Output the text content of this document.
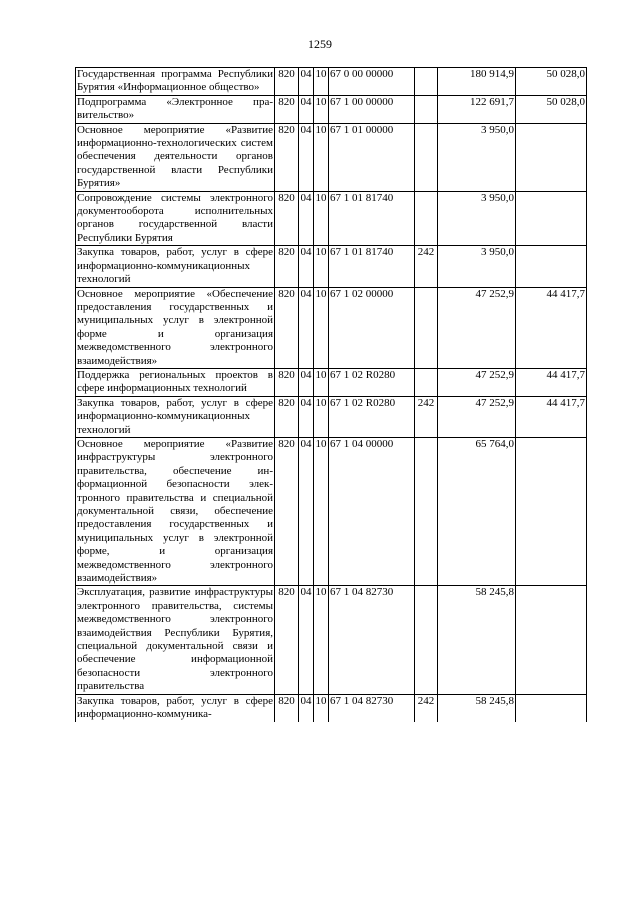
1259
Государственная программа Республики Бурятия «Информационное общество»	820	04	10	67 0 00 00000		180 914,9	50 028,0
Подпрограмма «Электронное правительство»	820	04	10	67 1 00 00000		122 691,7	50 028,0
Основное мероприятие «Развитие информационно-технологических систем обеспечения деятельности органов государственной власти Республики Бурятия»	820	04	10	67 1 01 00000		3 950,0	
Сопровождение системы электронного документооборота исполнительных органов государственной власти Республики Бурятия	820	04	10	67 1 01 81740		3 950,0	
Закупка товаров, работ, услуг в сфере информационно-коммуникационных технологий	820	04	10	67 1 01 81740	242	3 950,0	
Основное мероприятие «Обеспечение предоставления государственных и муниципальных услуг в электронной форме и организация межведомственного электронного взаимодействия»	820	04	10	67 1 02 00000		47 252,9	44 417,7
Поддержка региональных проектов в сфере информационных технологий	820	04	10	67 1 02 R0280		47 252,9	44 417,7
Закупка товаров, работ, услуг в сфере информационно-коммуникационных технологий	820	04	10	67 1 02 R0280	242	47 252,9	44 417,7
Основное мероприятие «Развитие инфраструктуры электронного правительства, обеспечение информационной безопасности электронного правительства и специальной документальной связи, обеспечение предоставления государственных и муниципальных услуг в электронной форме, и организация межведомственного электронного взаимодействия»	820	04	10	67 1 04 00000		65 764,0	
Эксплуатация, развитие инфраструктуры электронного правительства, системы межведомственного электронного взаимодействия Республики Бурятия, специальной документальной связи и обеспечение информационной безопасности электронного правительства	820	04	10	67 1 04 82730		58 245,8	
Закупка товаров, работ, услуг в сфере информационно-коммуника-	820	04	10	67 1 04 82730	242	58 245,8	
